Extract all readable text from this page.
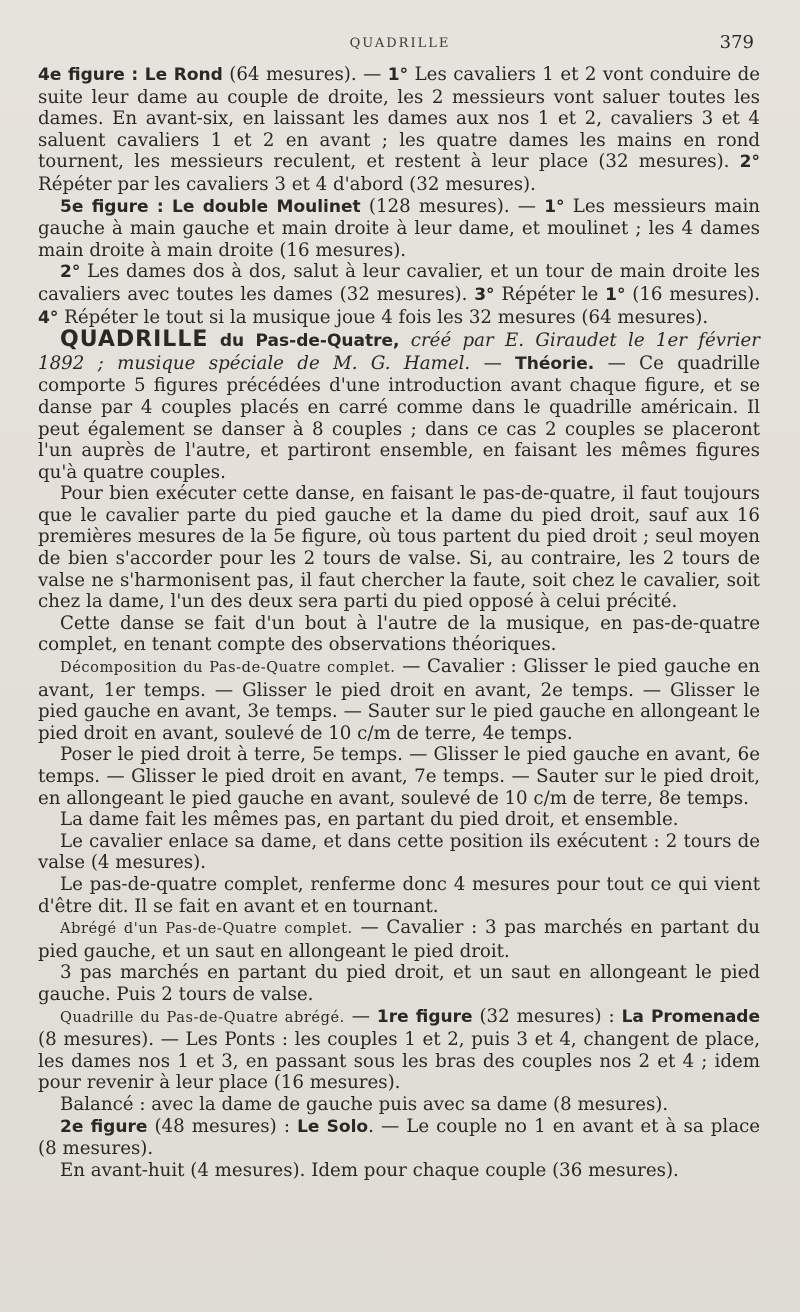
QUADRILLE	379

4e figure : Le Rond (64 mesures). — 1° Les cavaliers 1 et 2 vont conduire de suite leur dame au couple de droite, les 2 messieurs vont saluer toutes les dames. En avant-six, en laissant les dames aux nos 1 et 2, cavaliers 3 et 4 saluent cavaliers 1 et 2 en avant ; les quatre dames les mains en rond tournent, les messieurs reculent, et restent à leur place (32 mesures). 2° Répéter par les cavaliers 3 et 4 d'abord (32 mesures).

5e figure : Le double Moulinet (128 mesures). — 1° Les messieurs main gauche à main gauche et main droite à leur dame, et moulinet ; les 4 dames main droite à main droite (16 mesures).

2° Les dames dos à dos, salut à leur cavalier, et un tour de main droite les cavaliers avec toutes les dames (32 mesures). 3° Répéter le 1° (16 mesures). 4° Répéter le tout si la musique joue 4 fois les 32 mesures (64 mesures).

QUADRILLE du Pas-de-Quatre, créé par E. Giraudet le 1er février 1892 ; musique spéciale de M. G. Hamel. — Théorie. — Ce quadrille comporte 5 figures précédées d'une introduction avant chaque figure, et se danse par 4 couples placés en carré comme dans le quadrille américain. Il peut également se danser à 8 couples ; dans ce cas 2 couples se placeront l'un auprès de l'autre, et partiront ensemble, en faisant les mêmes figures qu'à quatre couples.

Pour bien exécuter cette danse, en faisant le pas-de-quatre, il faut toujours que le cavalier parte du pied gauche et la dame du pied droit, sauf aux 16 premières mesures de la 5e figure, où tous partent du pied droit ; seul moyen de bien s'accorder pour les 2 tours de valse. Si, au contraire, les 2 tours de valse ne s'harmonisent pas, il faut chercher la faute, soit chez le cavalier, soit chez la dame, l'un des deux sera parti du pied opposé à celui précité.

Cette danse se fait d'un bout à l'autre de la musique, en pas-de-quatre complet, en tenant compte des observations théoriques.

Décomposition du Pas-de-Quatre complet. — Cavalier : Glisser le pied gauche en avant, 1er temps. — Glisser le pied droit en avant, 2e temps. — Glisser le pied gauche en avant, 3e temps. — Sauter sur le pied gauche en allongeant le pied droit en avant, soulevé de 10 c/m de terre, 4e temps.

Poser le pied droit à terre, 5e temps. — Glisser le pied gauche en avant, 6e temps. — Glisser le pied droit en avant, 7e temps. — Sauter sur le pied droit, en allongeant le pied gauche en avant, soulevé de 10 c/m de terre, 8e temps.

La dame fait les mêmes pas, en partant du pied droit, et ensemble.

Le cavalier enlace sa dame, et dans cette position ils exécutent : 2 tours de valse (4 mesures).

Le pas-de-quatre complet, renferme donc 4 mesures pour tout ce qui vient d'être dit. Il se fait en avant et en tournant.

Abrégé d'un Pas-de-Quatre complet. — Cavalier : 3 pas marchés en partant du pied gauche, et un saut en allongeant le pied droit.

3 pas marchés en partant du pied droit, et un saut en allongeant le pied gauche. Puis 2 tours de valse.

Quadrille du Pas-de-Quatre abrégé. — 1re figure (32 mesures) : La Promenade (8 mesures). — Les Ponts : les couples 1 et 2, puis 3 et 4, changent de place, les dames nos 1 et 3, en passant sous les bras des couples nos 2 et 4 ; idem pour revenir à leur place (16 mesures).

Balancé : avec la dame de gauche puis avec sa dame (8 mesures).

2e figure (48 mesures) : Le Solo. — Le couple no 1 en avant et à sa place (8 mesures).

En avant-huit (4 mesures). Idem pour chaque couple (36 mesures).
